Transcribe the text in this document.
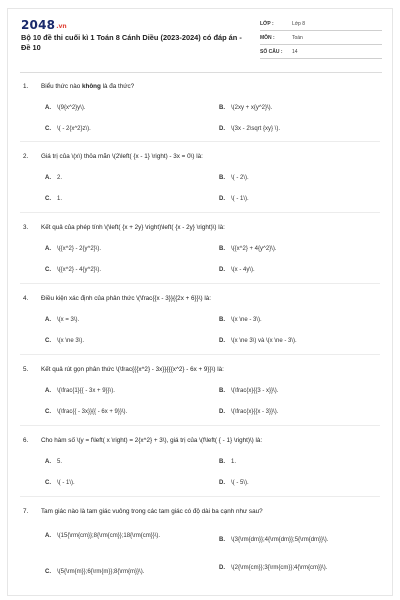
2048 .vn
Bộ 10 đề thi cuối kì 1 Toán 8 Cánh Diều (2023-2024) có đáp án - Đề 10
LỚP :	Lớp 8
MÔN :	Toán
SỐ CÂU :	14
1.	Biểu thức nào không là đa thức?
A.	\(9{x^2}y\).	B.	\(2xy + x{y^2}\).
C.	\( - 2{x^2}z\).	D.	\(3x - 2\sqrt {xy} \).
2.	Giá trị của \(x\) thỏa mãn \(2\left( {x - 1} \right) - 3x = 0\) là:
A.	2.	B.	\( - 2\).
C.	1.	D.	\( - 1\).
3.	Kết quả của phép tính \(\left( {x + 2y} \right)\left( {x - 2y} \right)\) là:
A.	\({x^2} - 2{y^2}\).	B.	\({x^2} + 4{y^2}\).
C.	\({x^2} - 4{y^2}\).	D.	\(x - 4y\).
4.	Điều kiện xác định của phân thức \(\frac{{x - 3}}{{2x + 6}}\) là:
A.	\(x = 3\).	B.	\(x \ne - 3\).
C.	\(x \ne 3\).	D.	\(x \ne 3\) và \(x \ne - 3\).
5.	Kết quả rút gọn phân thức \(\frac{{{x^2} - 3x}}{{{x^2} - 6x + 9}}\) là:
A.	\(\frac{1}{{ - 3x + 9}}\).	B.	\(\frac{x}{{3 - x}}\).
C.	\(\frac{{ - 3x}}{{ - 6x + 9}}\).	D.	\(\frac{x}{{x - 3}}\).
6.	Cho hàm số \(y = f\left( x \right) = 2{x^2} + 3\), giá trị của \(f\left( { - 1} \right)\) là:
A.	5.	B.	1.
C.	\( - 1\).	D.	\( - 5\).
7.	Tam giác nào là tam giác vuông trong các tam giác có độ dài ba cạnh như sau?
A.	\(15{\rm{cm}};8{\rm{cm}};18{\rm{cm}}\).
B.	\(3{\rm{dm}};4{\rm{dm}};5{\rm{dm}}\).
C.	\(5{\rm{m}};6{\rm{m}};8{\rm{m}}\).
D.	\(2{\rm{cm}};3{\rm{cm}};4{\rm{cm}}\).
